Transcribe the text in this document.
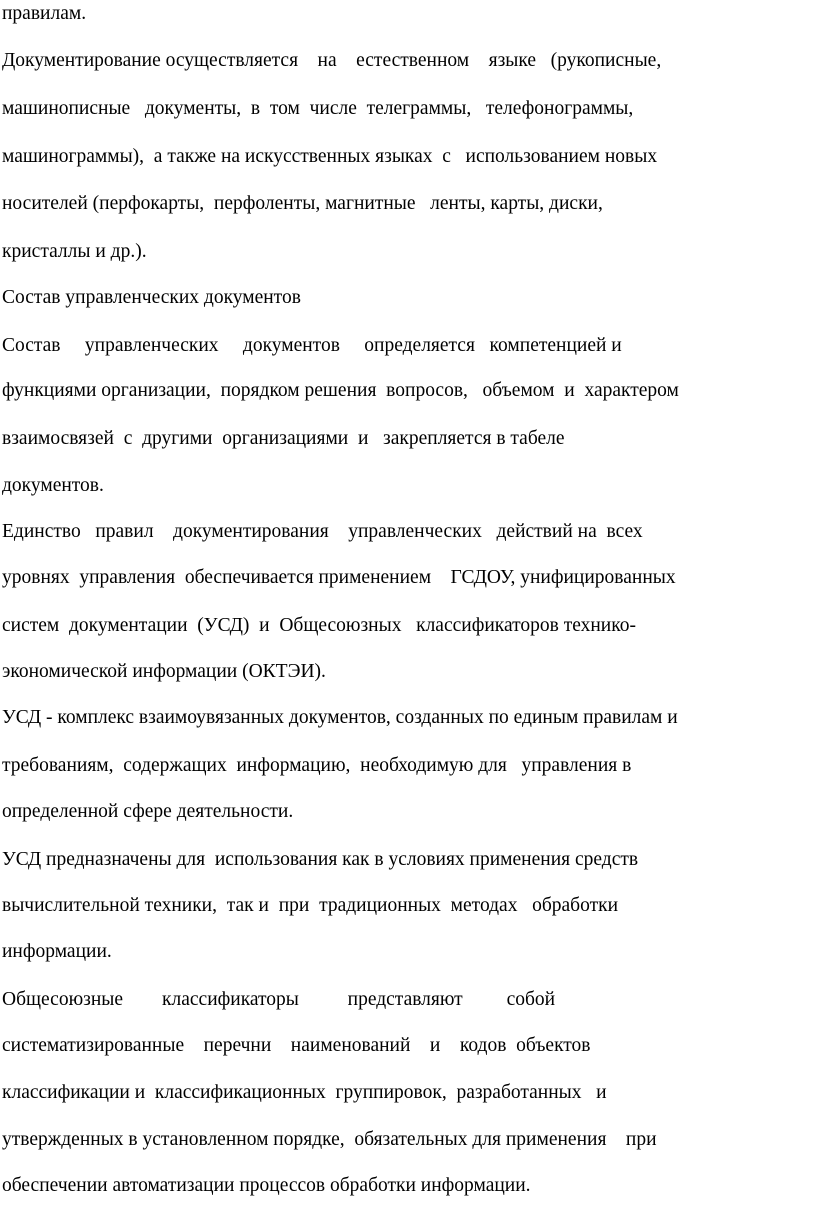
правилам.

Документирование осуществляется    на    естественном    языке   (рукописные,

машинописные   документы,  в  том  числе  телеграммы,   телефонограммы,

машинограммы),  а также на искусственных языках  с   использованием новых

носителей (перфокарты,  перфоленты, магнитные   ленты, карты, диски,

кристаллы и др.).

Состав управленческих документов

Состав     управленческих     документов     определяется   компетенцией и

функциями организации,  порядком решения  вопросов,   объемом  и  характером

взаимосвязей  с  другими  организациями  и   закрепляется в табеле

документов.

Единство   правил    документирования    управленческих   действий на  всех

уровнях  управления  обеспечивается применением    ГСДОУ, унифицированных

систем  документации  (УСД)  и  Общесоюзных   классификаторов технико-

экономической информации (ОКТЭИ).

УСД - комплекс взаимоувязанных документов, созданных по единым правилам и

требованиям,  содержащих  информацию,  необходимую для   управления в

определенной сфере деятельности.

УСД предназначены для  использования как в условиях применения средств

вычислительной техники,  так и  при  традиционных  методах   обработки

информации.

Общесоюзные        классификаторы          представляют         собой

систематизированные    перечни    наименований    и    кодов  объектов

классификации и  классификационных  группировок,  разработанных   и

утвержденных в установленном порядке,  обязательных для применения    при

обеспечении автоматизации процессов обработки информации.
